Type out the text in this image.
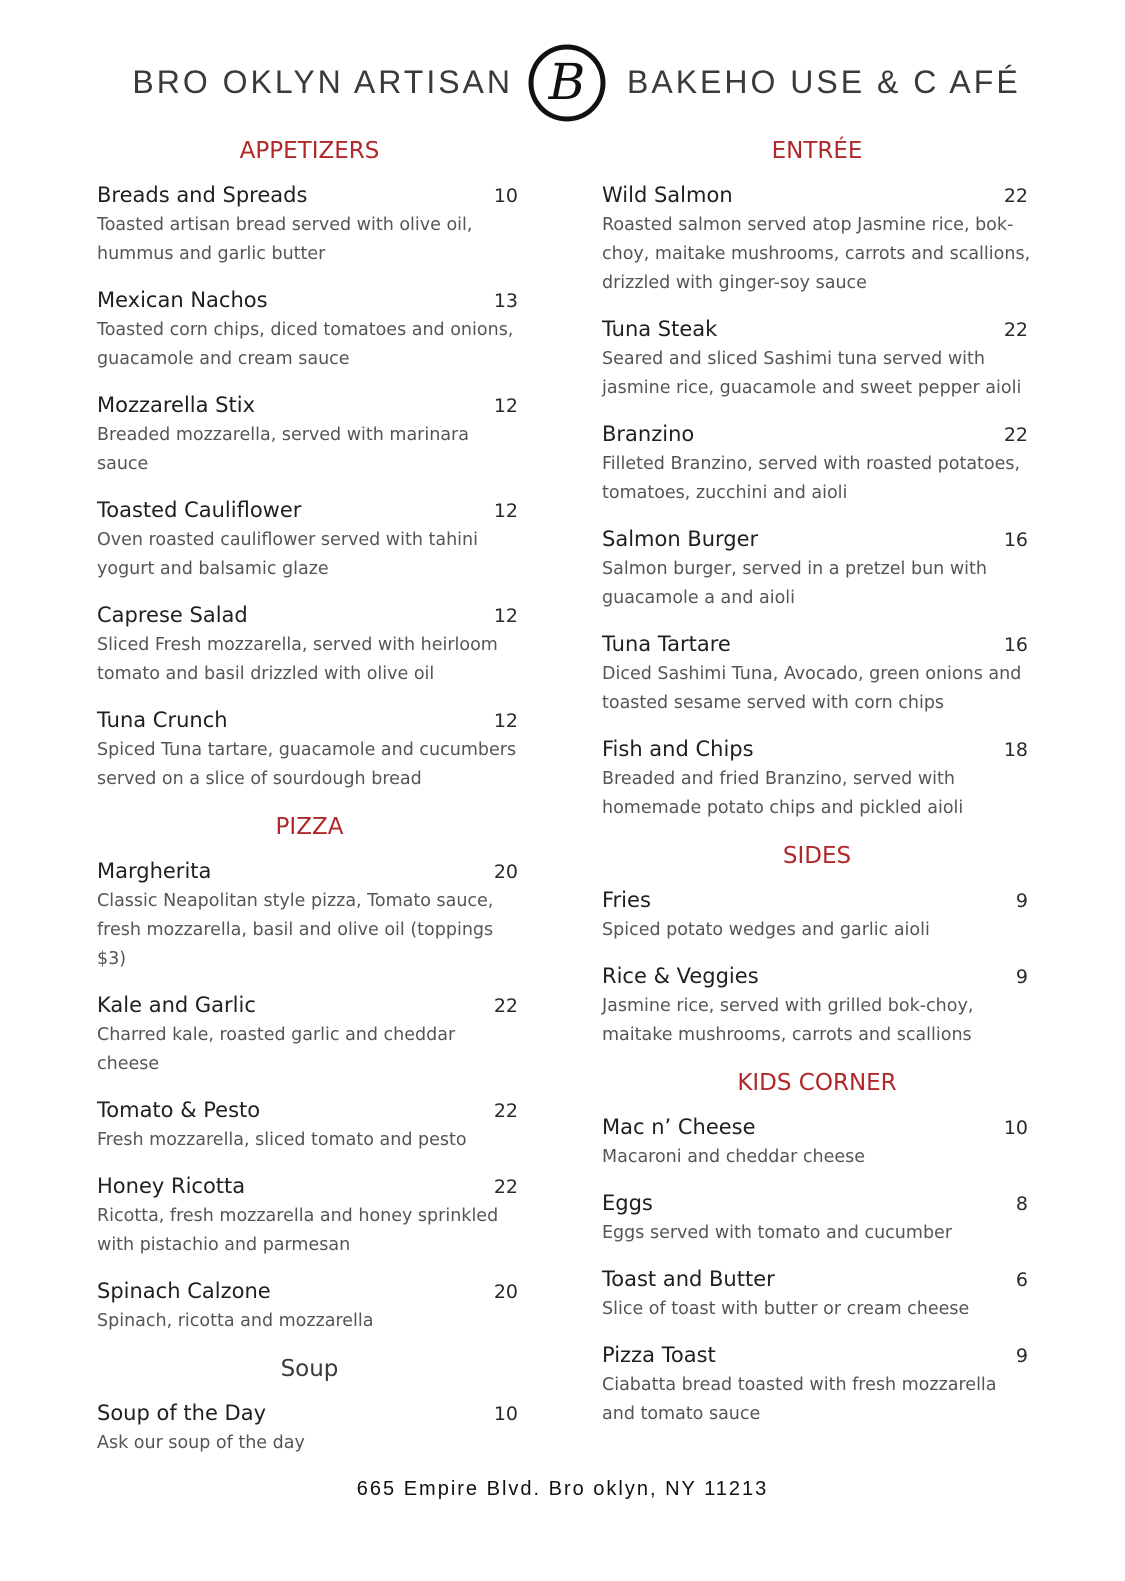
BRO OKLYN ARTISAN B BAKEHO USE & C AFÉ
APPETIZERS
Breads and Spreads	10
Toasted artisan bread served with olive oil, hummus and garlic butter
Mexican Nachos	13
Toasted corn chips, diced tomatoes and onions, guacamole and cream sauce
Mozzarella Stix	12
Breaded mozzarella, served with marinara sauce
Toasted Cauliflower	12
Oven roasted cauliflower served with tahini yogurt and balsamic glaze
Caprese Salad	12
Sliced Fresh mozzarella, served with heirloom tomato and basil drizzled with olive oil
Tuna Crunch	12
Spiced Tuna tartare, guacamole and cucumbers served on a slice of sourdough bread
PIZZA
Margherita	20
Classic Neapolitan style pizza, Tomato sauce, fresh mozzarella, basil and olive oil (toppings $3)
Kale and Garlic	22
Charred kale, roasted garlic and cheddar cheese
Tomato & Pesto	22
Fresh mozzarella, sliced tomato and pesto
Honey Ricotta	22
Ricotta, fresh mozzarella and honey sprinkled with pistachio and parmesan
Spinach Calzone	20
Spinach, ricotta and mozzarella
Soup
Soup of the Day	10
Ask our soup of the day
ENTRÉE
Wild Salmon	22
Roasted salmon served atop Jasmine rice, bok-choy, maitake mushrooms, carrots and scallions, drizzled with ginger-soy sauce
Tuna Steak	22
Seared and sliced Sashimi tuna served with jasmine rice, guacamole and sweet pepper aioli
Branzino	22
Filleted Branzino, served with roasted potatoes, tomatoes, zucchini and aioli
Salmon Burger	16
Salmon burger, served in a pretzel bun with guacamole a and aioli
Tuna Tartare	16
Diced Sashimi Tuna, Avocado, green onions and toasted sesame served with corn chips
Fish and Chips	18
Breaded and fried Branzino, served with homemade potato chips and pickled aioli
SIDES
Fries	9
Spiced potato wedges and garlic aioli
Rice & Veggies	9
Jasmine rice, served with grilled bok-choy, maitake mushrooms, carrots and scallions
KIDS CORNER
Mac n’ Cheese	10
Macaroni and cheddar cheese
Eggs	8
Eggs served with tomato and cucumber
Toast and Butter	6
Slice of toast with butter or cream cheese
Pizza Toast	9
Ciabatta bread toasted with fresh mozzarella and tomato sauce
665 Empire Blvd. Bro oklyn, NY 11213
